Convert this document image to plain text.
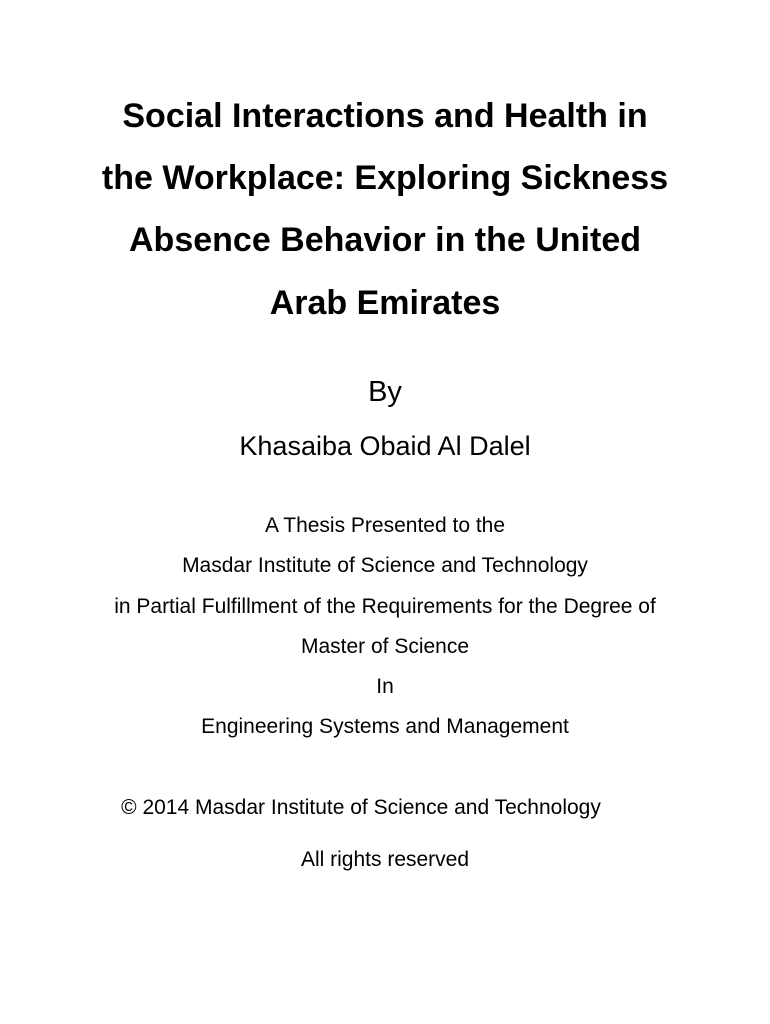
Social Interactions and Health in
the Workplace: Exploring Sickness
Absence Behavior in the United
Arab Emirates
By
Khasaiba Obaid Al Dalel
A Thesis Presented to the
Masdar Institute of Science and Technology
in Partial Fulfillment of the Requirements for the Degree of
Master of Science
In
Engineering Systems and Management
© 2014 Masdar Institute of Science and Technology
All rights reserved
